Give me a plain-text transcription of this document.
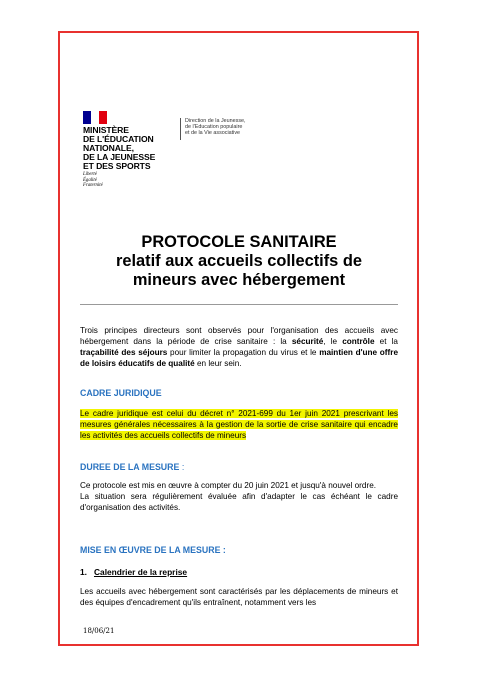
MINISTÈRE
DE L'ÉDUCATION
NATIONALE,
DE LA JEUNESSE
ET DES SPORTS
Liberté
Égalité
Fraternité
Direction de la Jeunesse,
de l'Education populaire
et de la Vie associative
PROTOCOLE SANITAIRE
relatif aux accueils collectifs de
mineurs avec hébergement
Trois principes directeurs sont observés pour l'organisation des accueils avec hébergement dans la période de crise sanitaire : la sécurité, le contrôle et la traçabilité des séjours pour limiter la propagation du virus et le maintien d'une offre de loisirs éducatifs de qualité en leur sein.
CADRE JURIDIQUE
Le cadre juridique est celui du décret n° 2021-699 du 1er juin 2021 prescrivant les mesures générales nécessaires à la gestion de la sortie de crise sanitaire qui encadre les activités des accueils collectifs de mineurs
DUREE DE LA MESURE :
Ce protocole est mis en œuvre à compter du 20 juin 2021 et jusqu'à nouvel ordre.
La situation sera régulièrement évaluée afin d'adapter le cas échéant le cadre d'organisation des activités.
MISE EN ŒUVRE DE LA MESURE :
1. Calendrier de la reprise
Les accueils avec hébergement sont caractérisés par les déplacements de mineurs et des équipes d'encadrement qu'ils entraînent, notamment vers les
18/06/21
